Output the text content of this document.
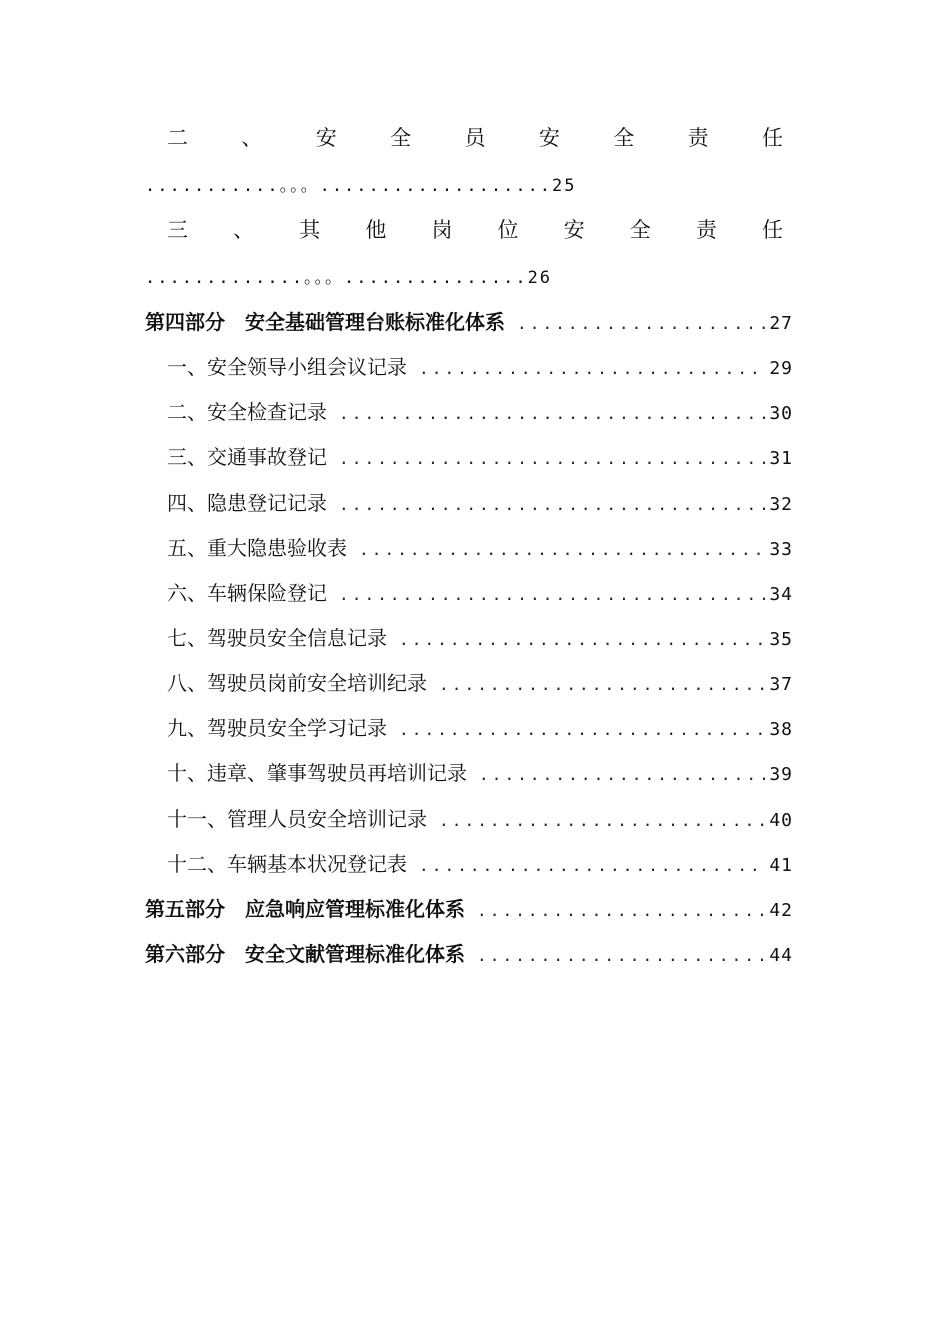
二	、	安	全	员	安	全	责	任
...........。。。...................25
三 、 其 他 岗 位 安 全 责 任
.............。。。...............26
第四部分　安全基础管理台账标准化体系 .....	27
一、安全领导小组会议记录 .....	29
二、安全检查记录 .....	30
三、交通事故登记 .....	31
四、隐患登记记录 .....	32
五、重大隐患验收表 .....	33
六、车辆保险登记 .....	34
七、驾驶员安全信息记录 .....	35
八、驾驶员岗前安全培训纪录 .....	37
九、驾驶员安全学习记录 .....	38
十、违章、肇事驾驶员再培训记录 .....	39
十一、管理人员安全培训记录 .....	40
十二、车辆基本状况登记表 .....	41
第五部分　应急响应管理标准化体系 .....	42
第六部分　安全文献管理标准化体系 .....	44
